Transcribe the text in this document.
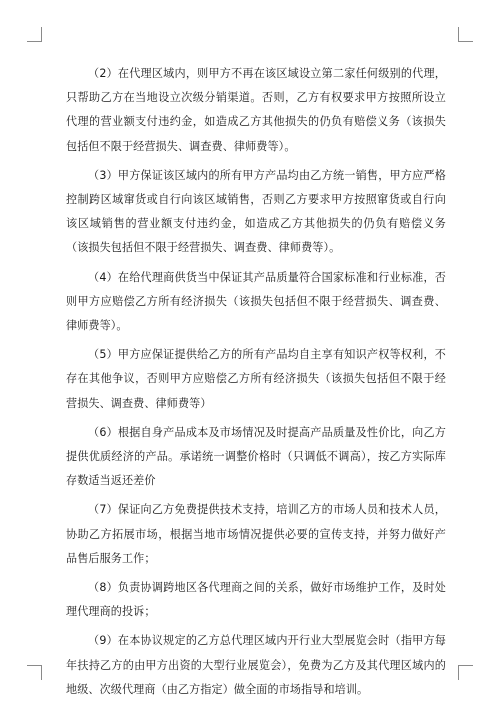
（2）在代理区域内，则甲方不再在该区域设立第二家任何级别的代理，只帮助乙方在当地设立次级分销渠道。否则，乙方有权要求甲方按照所设立代理的营业额支付违约金，如造成乙方其他损失的仍负有赔偿义务（该损失包括但不限于经营损失、调查费、律师费等）。

（3）甲方保证该区域内的所有甲方产品均由乙方统一销售，甲方应严格控制跨区域窜货或自行向该区域销售，否则乙方要求甲方按照窜货或自行向该区域销售的营业额支付违约金，如造成乙方其他损失的仍负有赔偿义务（该损失包括但不限于经营损失、调查费、律师费等）。

（4）在给代理商供货当中保证其产品质量符合国家标准和行业标准，否则甲方应赔偿乙方所有经济损失（该损失包括但不限于经营损失、调查费、律师费等）。

（5）甲方应保证提供给乙方的所有产品均自主享有知识产权等权利，不存在其他争议，否则甲方应赔偿乙方所有经济损失（该损失包括但不限于经营损失、调查费、律师费等）

（6）根据自身产品成本及市场情况及时提高产品质量及性价比，向乙方提供优质经济的产品。承诺统一调整价格时（只调低不调高），按乙方实际库存数适当返还差价

（7）保证向乙方免费提供技术支持，培训乙方的市场人员和技术人员，协助乙方拓展市场，根据当地市场情况提供必要的宣传支持，并努力做好产品售后服务工作；

（8）负责协调跨地区各代理商之间的关系，做好市场维护工作，及时处理代理商的投诉；

（9）在本协议规定的乙方总代理区域内开行业大型展览会时（指甲方每年扶持乙方的由甲方出资的大型行业展览会），免费为乙方及其代理区域内的地级、次级代理商（由乙方指定）做全面的市场指导和培训。
